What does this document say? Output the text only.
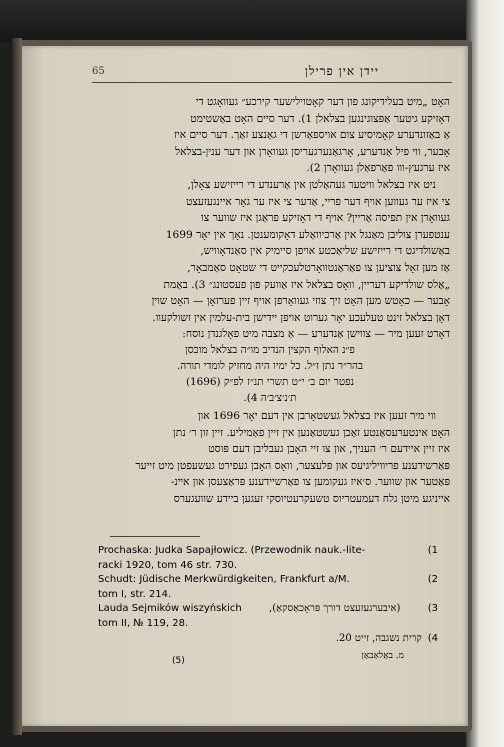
65	יידן אין פרילן
האָט „מיט בעלידיקונג פון דער קאָטוילישער קירכע״ געוואָגט די
דאָזיקע גיטער אַפּצוגינגען בצלאלן 1). דער סיים האָט באַשטימט
אַ באַזונדערע קאָמיסיע צום אויספאַרשן די גאַנצע זאַך. דער סיים איז
אָבער, ווי פיל אַנדערע, אָרגאַנערגעריסן געוואָרן און דער ענין-בצלאל
איז ערגעץ-ווו פאַרפאַלן געוואָרן 2).
ניט איז בצלאל וויטער געהאַלטן אין אַרענדע די רייזישע צאָלן,
צי איז ער געווען אויף דער פריי, אַדער צי איז ער גאָר איינגעזעצט
געוואָרן אין תפיסה אַריין? אויף די דאָזיקע פראַגן איז שווער צו
ענטפערן צוליבן מאַנגל אין אַרכיוואַלע דאָקומענטן. נאָך אין יאָר 1699
באַשולדיגט די רייזישע שליאַכטע אויפן סיימיק אין סאַנדאָוויש,
אַז מען זאָל צוציען צו פאַראַנטוואָרטלעכקייט די שטאָט סאַמבאָר,
„אַלס שולדיקע דעריין, וואָס בצלאל איז אַוועק פון פעסטונג״ 3). באַמת
אָבער — כאָטש מען האָט זיך צוזי געוואָרפן אויף זיין פערזאָן — האָט שוין
דאָן בצלאל זינט טעלעכע יאָר גערוט אויפן יידישן בית-עלמין אין זשולקעוו.
דאָרט זעען מיר — צווישן אַנדערע — אַ מצבה מיט פאָלגנדן נוסח:
פ״נ האלוף הקצין הנדיב מו״ה בצלאל מוכסן
בהר״ר נתן ז״ל. כל ימיו היה מחזיק לומדי תורה.
נפטר יום ב׳ י״ט תשרי תנ״ז לפ״ק (1696)
ת׳נ׳צ׳ב׳ה 4).
ווי מיר זעען איז בצלאל געשטאָרבן אין דעם יאָר 1696 און
האָט אינטערעסאַנטע זאַכן געשטאַנען אין זיין פאַמיליע. זיין זון ר׳ נתן
איז זיין איידעם ר׳ העניך, און צו זיי האָבן געבליבן דעם פּוסט
פּאַרשידענע פריוויליגיעס און פּלעצער, וואָס האָבן געפירט געשעפטן מיט זייער
פּאַטער און שווער. ס׳איז געקומען צו פאַרשיידענע פּראַצעסן און אײנ-
אייניגע מיטן גלח דעמעטריוס טשעקרעטיוסקי זעגען ביידע שוועגערס
Prochaska: Judka Sapajłowicz. (Przewodnik nauk.-lite-	(1
racki 1920, tom 46 str. 730.
Schudt: Jüdische Merkwürdigkeiten, Frankfurt a/M.	(2
tom I, str. 214.
Lauda Sejmików wiszyńskich	(איבערגעזעצט דורך פּראָכאַסקאַ),	(3
tom II, № 119, 28.
קרית נשגבה, זייט 20. (4
(5)	מ. באַלאַבאַן
